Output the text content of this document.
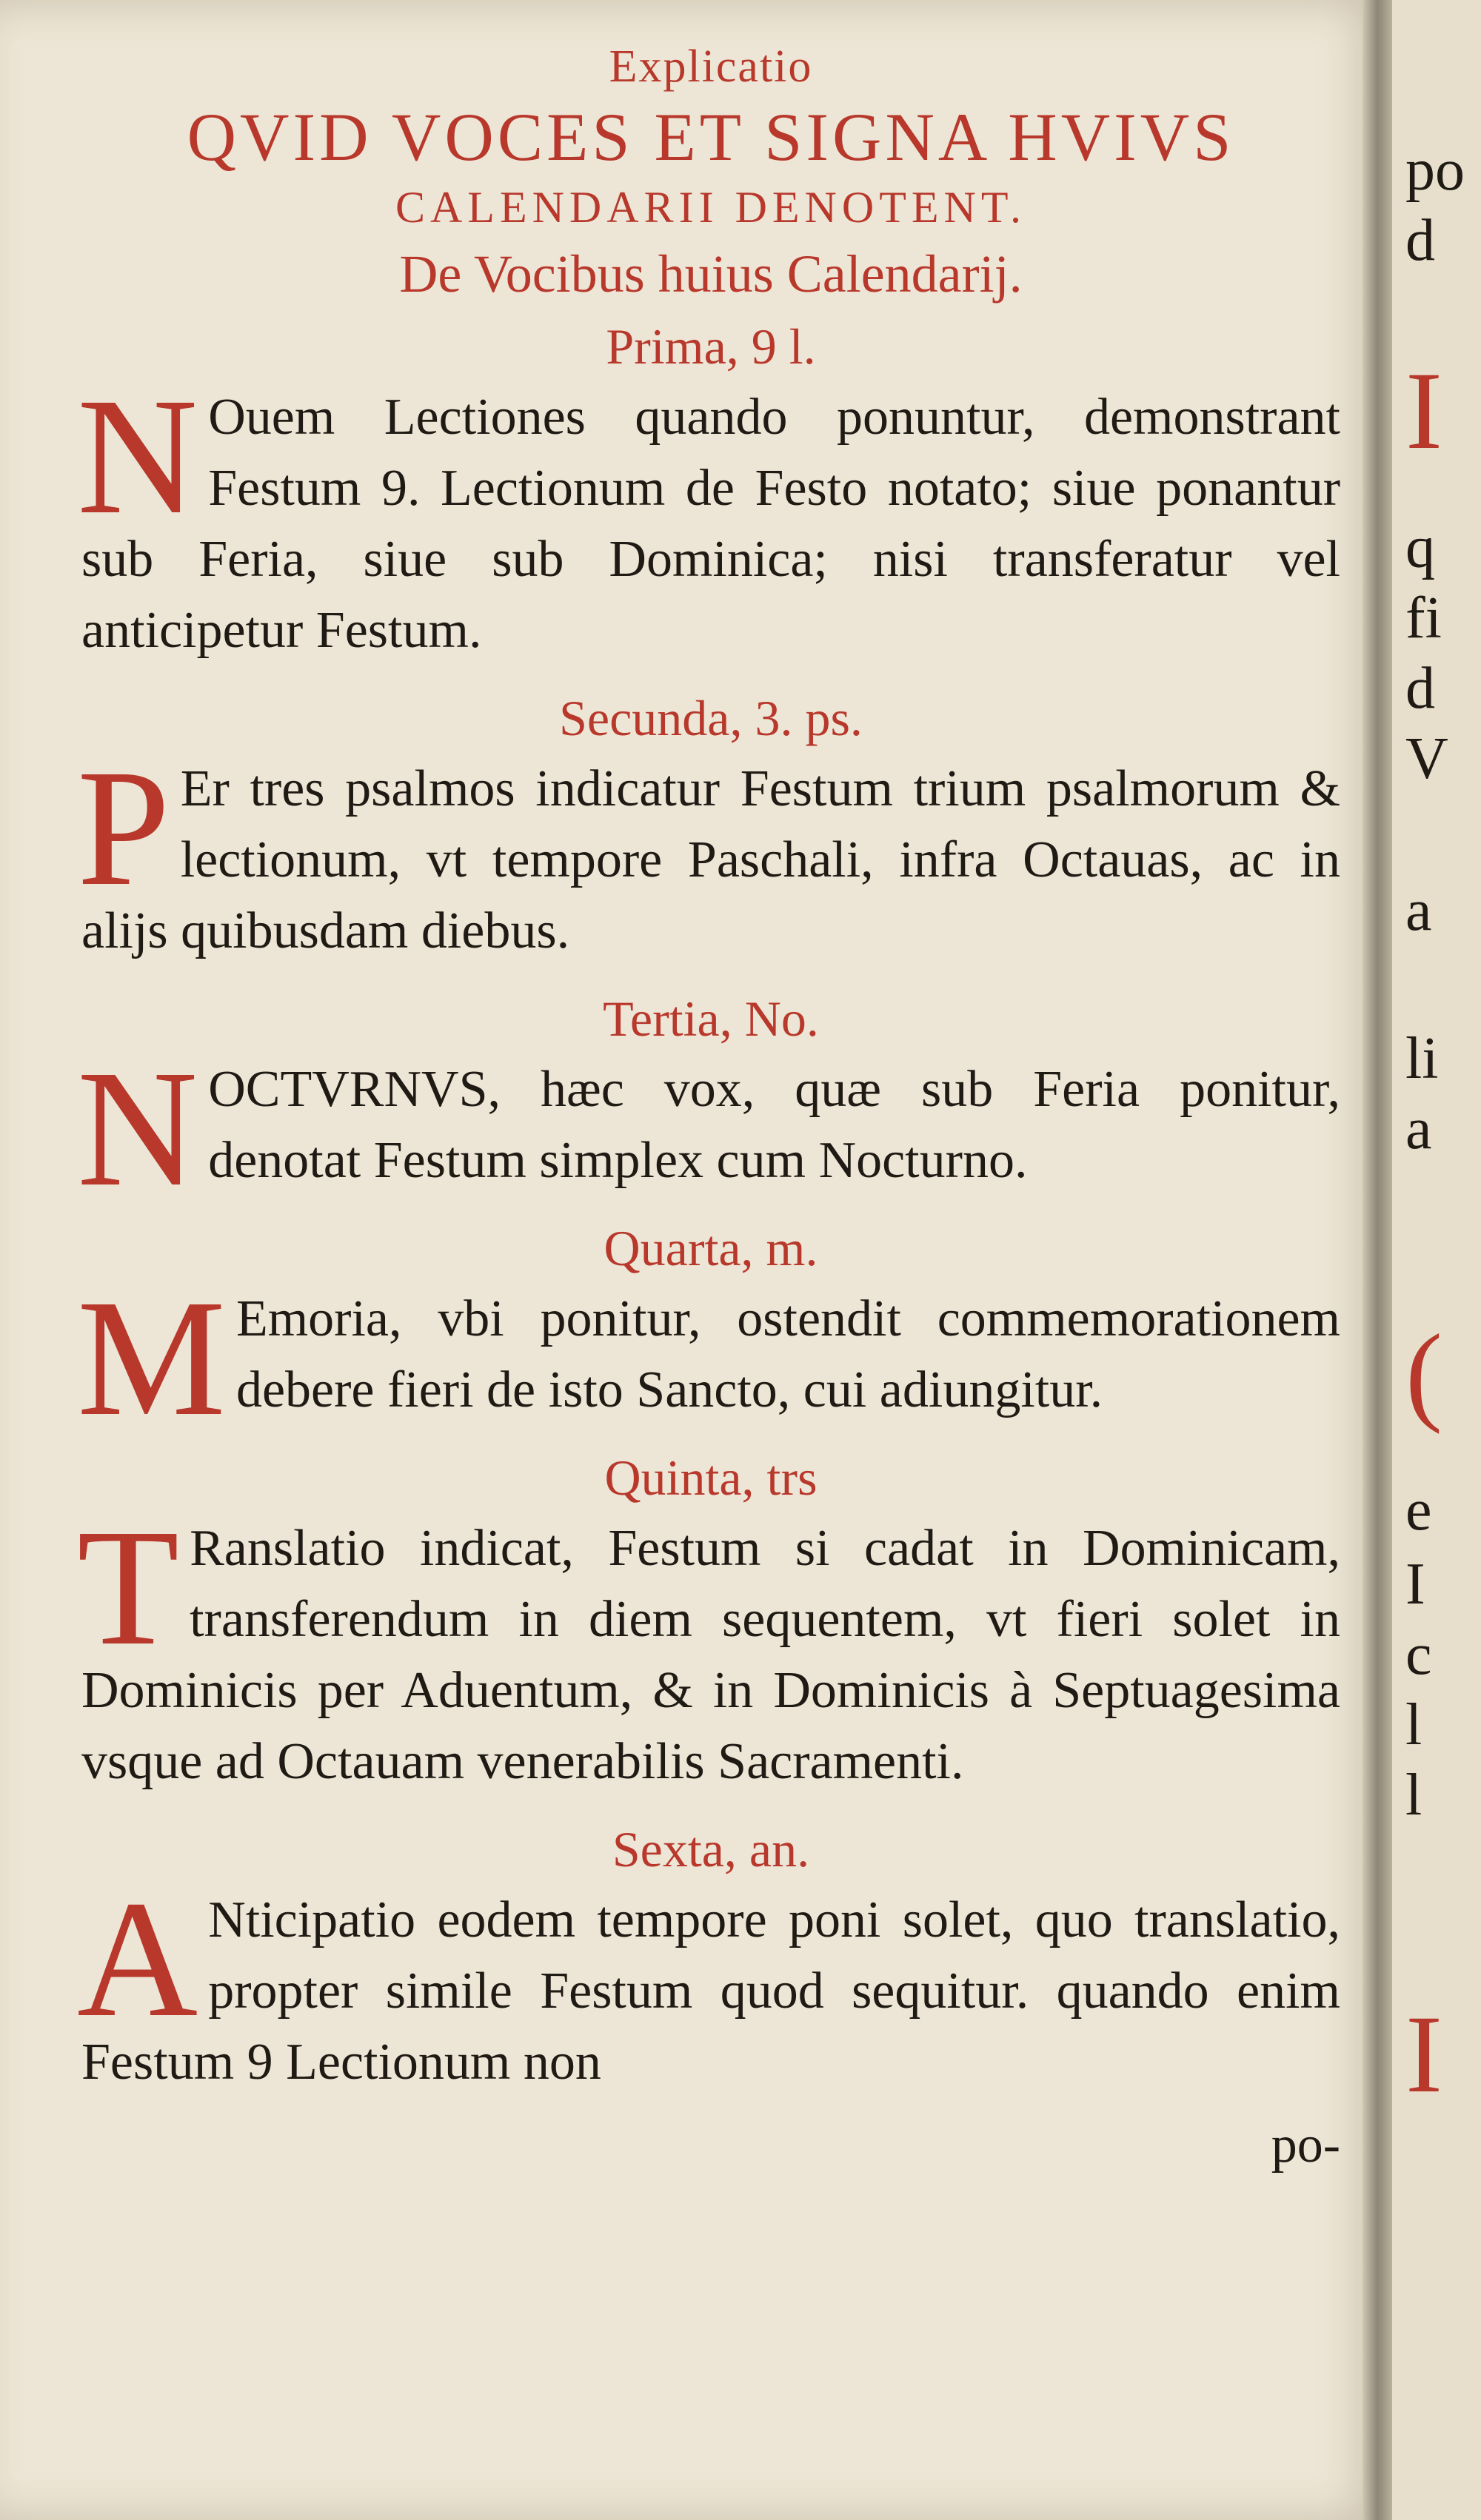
Explicatio
QVID VOCES ET SIGNA HVIVS
CALENDARII DENOTENT.
De Vocibus huius Calendarij.
Prima, 9 l.
N Ouem Lectiones quando ponuntur, demonstrant Festum 9. Lectionum de Festo notato; siue ponantur sub Feria, siue sub Dominica; nisi transferatur vel anticipetur Festum.
Secunda, 3. ps.
P Er tres psalmos indicatur Festum trium psalmorum & lectionum, vt tempore Paschali, infra Octauas, ac in alijs quibusdam diebus.
Tertia, No.
NOCTVRNVS, hæc vox, quæ sub Feria ponitur, denotat Festum simplex cum Nocturno.
Quarta, m.
M Emoria, vbi ponitur, ostendit commemorationem debere fieri de isto Sancto, cui adiungitur.
Quinta, trs
T Ranslatio indicat, Festum si cadat in Dominicam, transferendum in diem sequentem, vt fieri solet in Dominicis per Aduentum, & in Dominicis à Septuagesima vsque ad Octauam venerabilis Sacramenti.
Sexta, an.
A Nticipatio eodem tempore poni solet, quo translatio, propter simile Festum quod sequitur. quando enim Festum 9 Lectionum non
po-
po
d
I
q
fi
d
V
a
li
a
(
e
I
c
l
l
I
